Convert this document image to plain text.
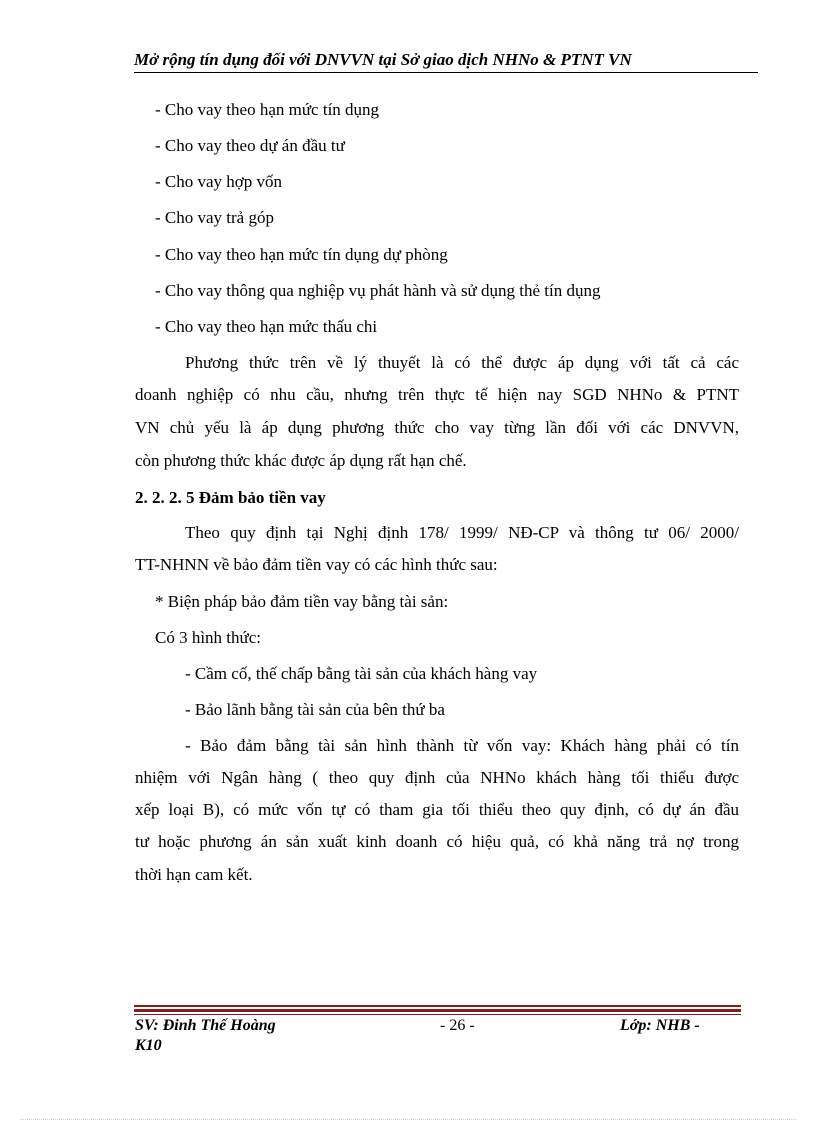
Mở rộng tín dụng đối với DNVVN tại Sở giao dịch NHNo & PTNT VN
- Cho vay theo hạn mức tín dụng
- Cho vay theo dự án đầu tư
- Cho vay hợp vốn
- Cho vay trả góp
- Cho vay theo hạn mức tín dụng dự phòng
- Cho vay thông qua nghiệp vụ phát hành và sử dụng thẻ tín dụng
- Cho vay theo hạn mức thấu chi
Phương thức trên về lý thuyết là có thể được áp dụng với tất cả các
doanh nghiệp có nhu cầu, nhưng trên thực tế hiện nay SGD NHNo & PTNT
VN chủ yếu là áp dụng phương thức cho vay từng lần đối với các DNVVN,
còn phương thức khác được áp dụng rất hạn chế.
2. 2. 2. 5 Đảm bảo tiền vay
Theo quy định tại Nghị định 178/ 1999/ NĐ-CP và thông tư 06/ 2000/
TT-NHNN về bảo đảm tiền vay có các hình thức sau:
* Biện pháp bảo đảm tiền vay bằng tài sản:
Có 3 hình thức:
- Cầm cố, thế chấp bằng tài sản của khách hàng vay
- Bảo lãnh bằng tài sản của bên thứ ba
- Bảo đảm bằng tài sản hình thành từ vốn vay: Khách hàng phải có tín
nhiệm với Ngân hàng ( theo quy định của NHNo khách hàng tối thiểu được
xếp loại B), có mức vốn tự có tham gia tối thiểu theo quy định, có dự án đầu
tư hoặc phương án sản xuất kinh doanh có hiệu quả, có khả năng trả nợ trong
thời hạn cam kết.
SV: Đinh Thế Hoàng
K10
- 26 -	Lớp: NHB -
